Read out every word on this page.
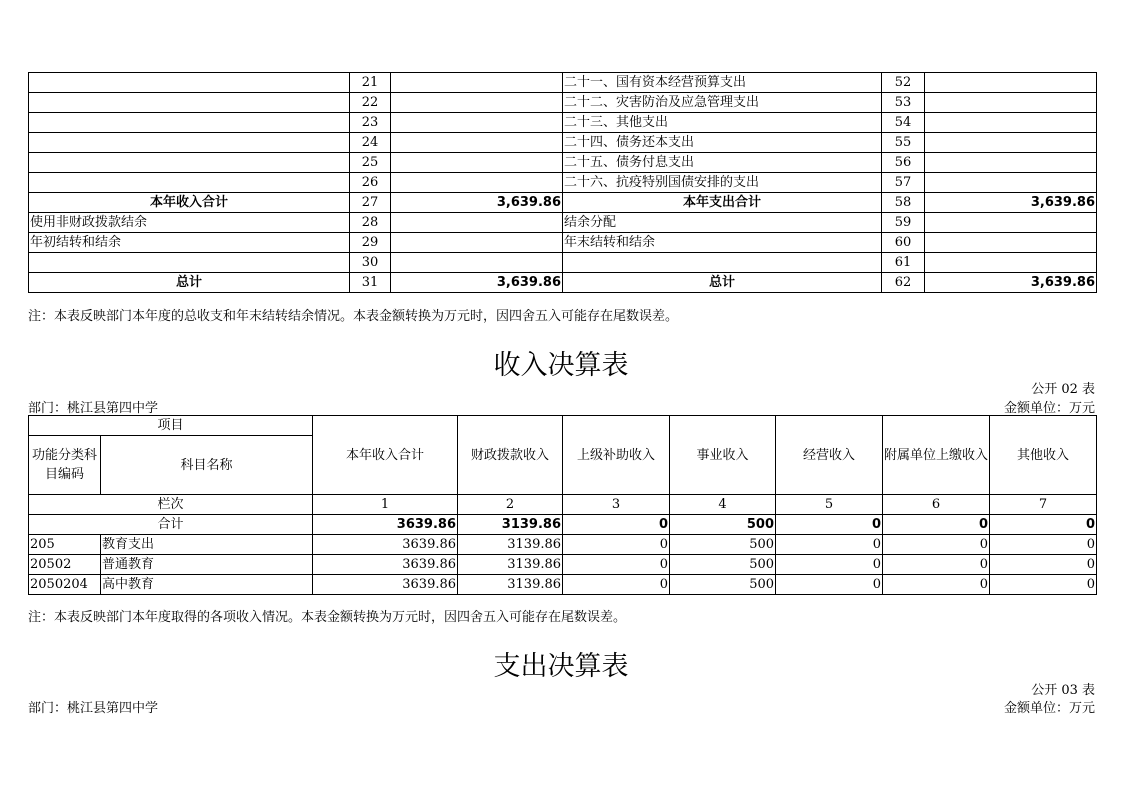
	21		二十一、国有资本经营预算支出	52	
	22		二十二、灾害防治及应急管理支出	53	
	23		二十三、其他支出	54	
	24		二十四、债务还本支出	55	
	25		二十五、债务付息支出	56	
	26		二十六、抗疫特别国债安排的支出	57	
本年收入合计	27	3,639.86	本年支出合计	58	3,639.86
使用非财政拨款结余	28		结余分配	59	
年初结转和结余	29		年末结转和结余	60	
	30			61	
总计	31	3,639.86	总计	62	3,639.86
注：本表反映部门本年度的总收支和年末结转结余情况。本表金额转换为万元时，因四舍五入可能存在尾数误差。
收入决算表
公开 02 表
部门：桃江县第四中学	金额单位：万元
项目		本年收入合计	财政拨款收入	上级补助收入	事业收入	经营收入	附属单位上缴收入	其他收入
功能分类科目编码	科目名称							
栏次		1	2	3	4	5	6	7
合计		3639.86	3139.86	0	500	0	0	0
205	教育支出	3639.86	3139.86	0	500	0	0	0
20502	普通教育	3639.86	3139.86	0	500	0	0	0
2050204	高中教育	3639.86	3139.86	0	500	0	0	0
注：本表反映部门本年度取得的各项收入情况。本表金额转换为万元时，因四舍五入可能存在尾数误差。
支出决算表
公开 03 表
部门：桃江县第四中学	金额单位：万元
